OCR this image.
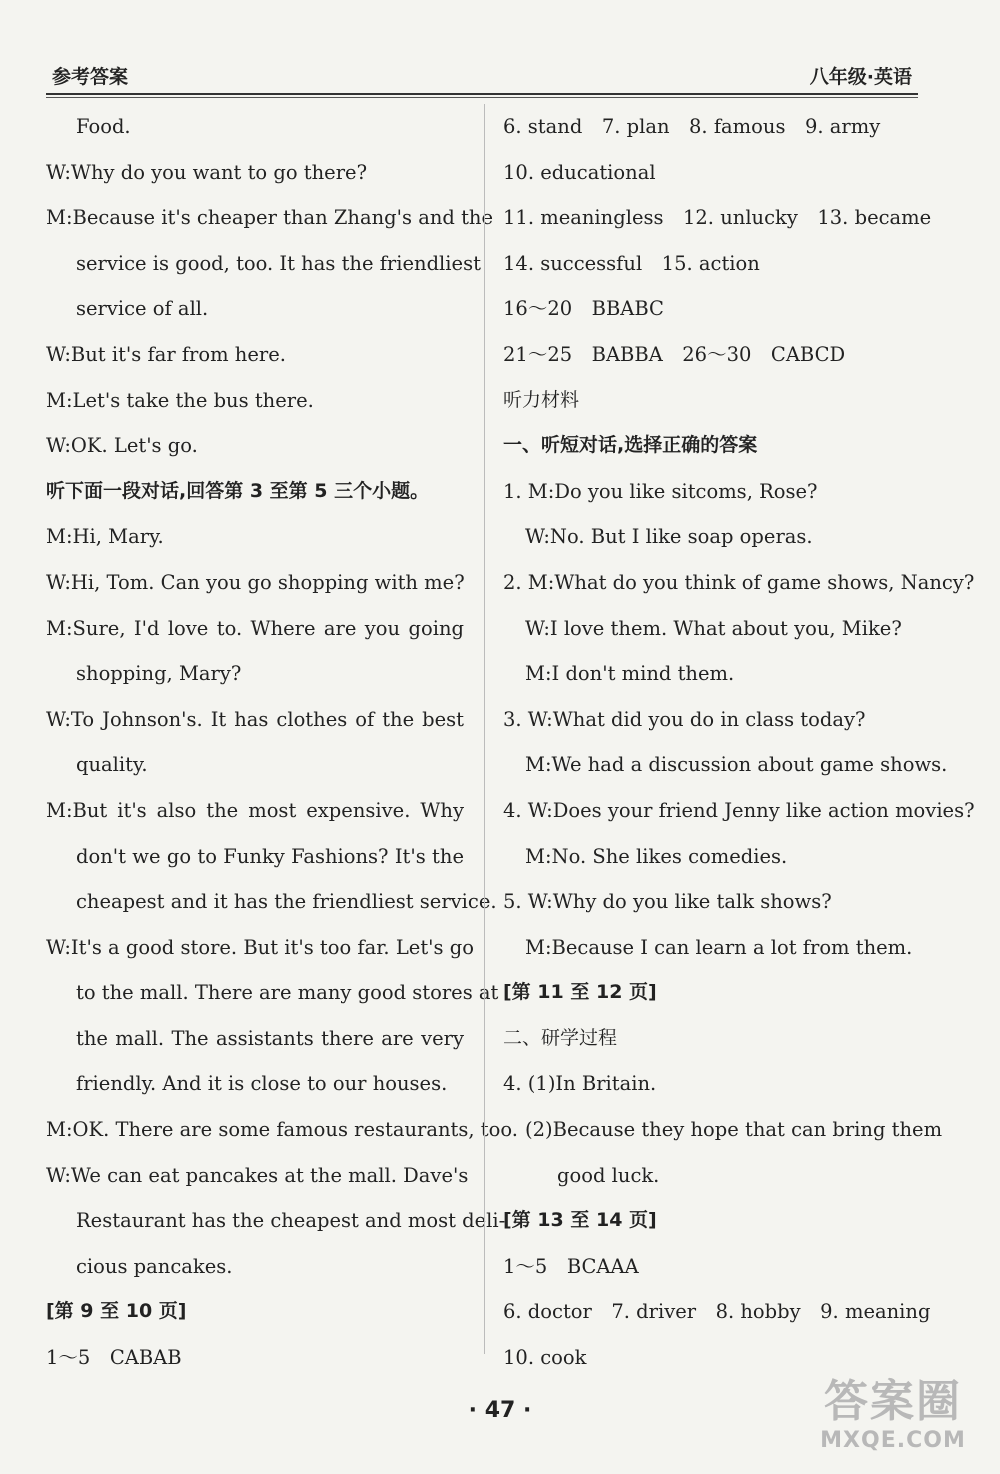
参考答案	八年级·英语
Food.
W:Why do you want to go there?
M:Because it's cheaper than Zhang's and the
service is good, too. It has the friendliest
service of all.
W:But it's far from here.
M:Let's take the bus there.
W:OK. Let's go.
听下面一段对话,回答第 3 至第 5 三个小题。
M:Hi, Mary.
W:Hi, Tom. Can you go shopping with me?
M:Sure, I'd love to. Where are you going
shopping, Mary?
W:To Johnson's. It has clothes of the best
quality.
M:But it's also the most expensive. Why
don't we go to Funky Fashions? It's the
cheapest and it has the friendliest service.
W:It's a good store. But it's too far. Let's go
to the mall. There are many good stores at
the mall. The assistants there are very
friendly. And it is close to our houses.
M:OK. There are some famous restaurants, too.
W:We can eat pancakes at the mall. Dave's
Restaurant has the cheapest and most deli-
cious pancakes.
[第 9 至 10 页]
1～5　CABAB
6. stand　7. plan　8. famous　9. army
10. educational
11. meaningless　12. unlucky　13. became
14. successful　15. action
16～20　BBABC
21～25　BABBA　26～30　CABCD
听力材料
一、听短对话,选择正确的答案
1. M:Do you like sitcoms, Rose?
W:No. But I like soap operas.
2. M:What do you think of game shows, Nancy?
W:I love them. What about you, Mike?
M:I don't mind them.
3. W:What did you do in class today?
M:We had a discussion about game shows.
4. W:Does your friend Jenny like action movies?
M:No. She likes comedies.
5. W:Why do you like talk shows?
M:Because I can learn a lot from them.
[第 11 至 12 页]
二、研学过程
4. (1)In Britain.
(2)Because they hope that can bring them
good luck.
[第 13 至 14 页]
1～5　BCAAA
6. doctor　7. driver　8. hobby　9. meaning
10. cook
· 47 ·	答案圈
MXQE.COM
